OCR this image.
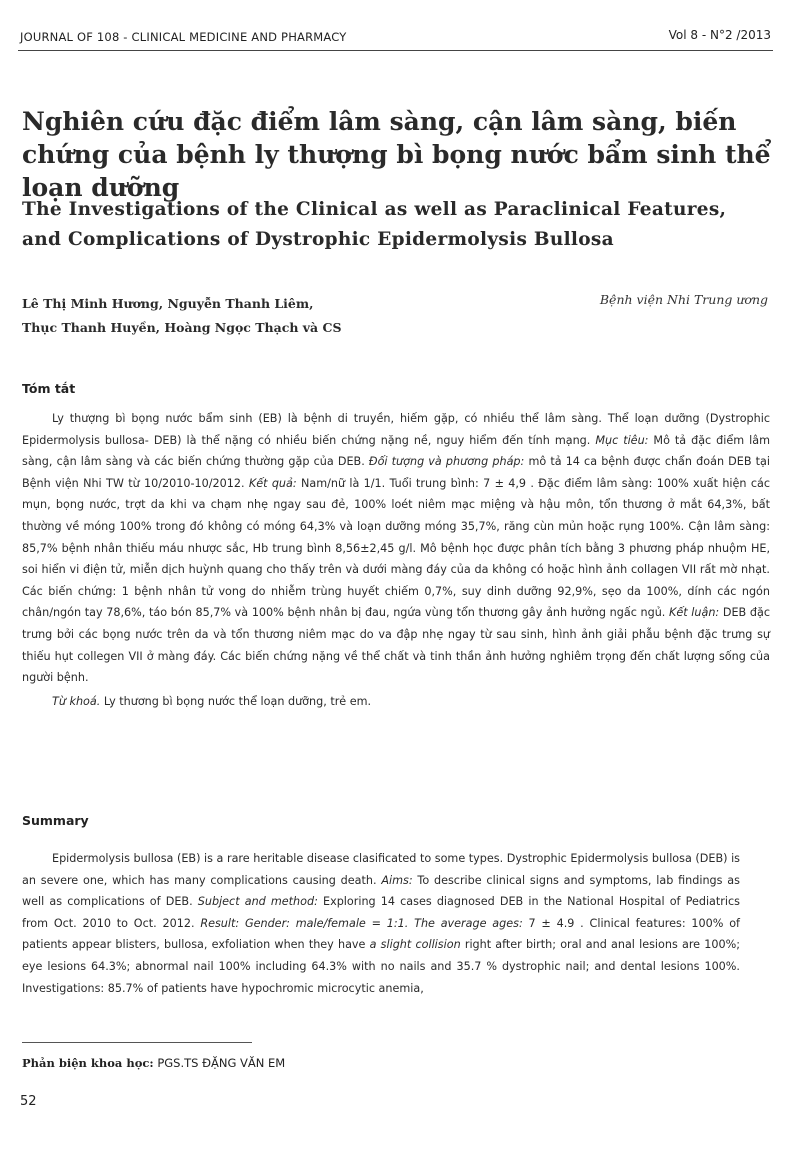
JOURNAL OF 108 - CLINICAL MEDICINE AND PHARMACY	Vol 8 - N°2 /2013
Nghiên cứu đặc điểm lâm sàng, cận lâm sàng, biến chứng của bệnh ly thượng bì bọng nước bẩm sinh thể loạn dưỡng
The Investigations of the Clinical as well as Paraclinical Features, and Complications of Dystrophic Epidermolysis Bullosa
Lê Thị Minh Hương, Nguyễn Thanh Liêm,
Thục Thanh Huyền, Hoàng Ngọc Thạch và CS
Bệnh viện Nhi Trung ương
Tóm tắt

Ly thượng bì bọng nước bẩm sinh (EB) là bệnh di truyền, hiếm gặp, có nhiều thể lâm sàng. Thể loạn dưỡng (Dystrophic Epidermolysis bullosa- DEB) là thể nặng có nhiều biến chứng nặng nề, nguy hiểm đến tính mạng. Mục tiêu: Mô tả đặc điểm lâm sàng, cận lâm sàng và các biến chứng thường gặp của DEB. Đối tượng và phương pháp: mô tả 14 ca bệnh được chẩn đoán DEB tại Bệnh viện Nhi TW từ 10/2010-10/2012. Kết quả: Nam/nữ là 1/1. Tuổi trung bình: 7 ± 4,9 . Đặc điểm lâm sàng: 100% xuất hiện các mụn, bọng nước, trợt da khi va chạm nhẹ ngay sau đẻ, 100% loét niêm mạc miệng và hậu môn, tổn thương ở mắt 64,3%, bất thường về móng 100% trong đó không có móng 64,3% và loạn dưỡng móng 35,7%, răng cùn mủn hoặc rụng 100%. Cận lâm sàng: 85,7% bệnh nhân thiếu máu nhược sắc, Hb trung bình 8,56±2,45 g/l. Mô bệnh học được phân tích bằng 3 phương pháp nhuộm HE, soi hiển vi điện tử, miễn dịch huỳnh quang cho thấy trên và dưới màng đáy của da không có hoặc hình ảnh collagen VII rất mờ nhạt. Các biến chứng: 1 bệnh nhân tử vong do nhiễm trùng huyết chiếm 0,7%, suy dinh dưỡng 92,9%, sẹo da 100%, dính các ngón chân/ngón tay 78,6%, táo bón 85,7% và 100% bệnh nhân bị đau, ngứa vùng tổn thương gây ảnh hưởng ngấc ngủ. Kết luận: DEB đặc trưng bởi các bọng nước trên da và tổn thương niêm mạc do va đập nhẹ ngay từ sau sinh, hình ảnh giải phẫu bệnh đặc trưng sự thiếu hụt collegen VII ở màng đáy. Các biến chứng nặng về thể chất và tinh thần ảnh hưởng nghiêm trọng đến chất lượng sống của người bệnh.

Từ khoá. Ly thương bì bọng nước thể loạn dưỡng, trẻ em.

Summary
Epidermolysis bullosa (EB) is a rare heritable disease clasificated to some types. Dystrophic Epidermolysis bullosa (DEB) is an severe one, which has many complications causing death. Aims: To describe clinical signs and symptoms, lab findings as well as complications of DEB. Subject and method: Exploring 14 cases diagnosed DEB in the National Hospital of Pediatrics from Oct. 2010 to Oct. 2012. Result: Gender: male/female = 1:1. The average ages: 7 ± 4.9 . Clinical features: 100% of patients appear blisters, bullosa, exfoliation when they have a slight collision right after birth; oral and anal lesions are 100%; eye lesions 64.3%; abnormal nail 100% including 64.3% with no nails and 35.7 % dystrophic nail; and dental lesions 100%. Investigations: 85.7% of patients have hypochromic microcytic anemia,
Phản biện khoa học: PGS.TS ĐẶNG VĂN EM
52
